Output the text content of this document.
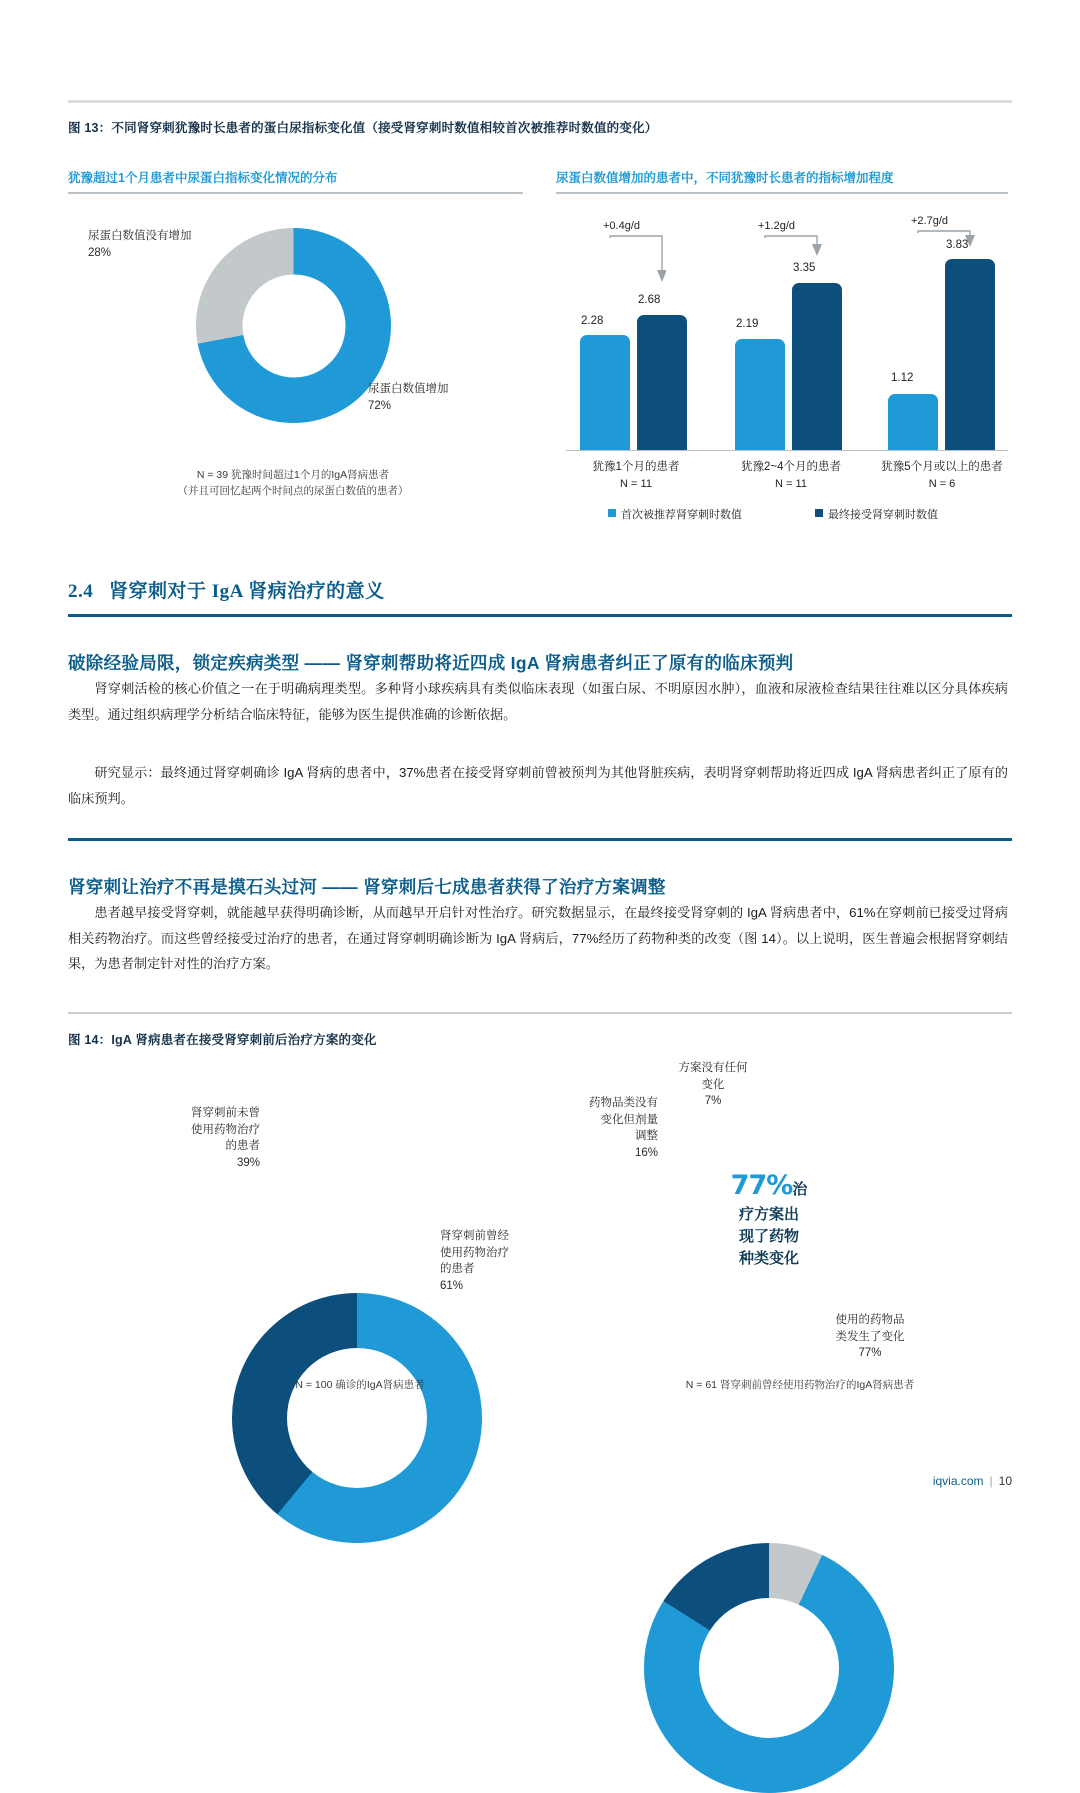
图 13：不同肾穿刺犹豫时长患者的蛋白尿指标变化值（接受肾穿刺时数值相较首次被推荐时数值的变化）
犹豫超过1个月患者中尿蛋白指标变化情况的分布	尿蛋白数值增加的患者中，不同犹豫时长患者的指标增加程度
尿蛋白数值没有增加
28%
尿蛋白数值增加
72%
N = 39 犹豫时间超过1个月的IgA肾病患者
（并且可回忆起两个时间点的尿蛋白数值的患者）
2.28
2.68
+0.4g/d
犹豫1个月的患者
N = 11
2.19
3.35
+1.2g/d
犹豫2~4个月的患者
N = 11
1.12
3.83
+2.7g/d
犹豫5个月或以上的患者
N = 6
首次被推荐肾穿刺时数值	最终接受肾穿刺时数值
2.4 肾穿刺对于 IgA 肾病治疗的意义
破除经验局限，锁定疾病类型 —— 肾穿刺帮助将近四成 IgA 肾病患者纠正了原有的临床预判

肾穿刺活检的核心价值之一在于明确病理类型。多种肾小球疾病具有类似临床表现（如蛋白尿、不明原因水肿），血液和尿液检查结果往往难以区分具体疾病类型。通过组织病理学分析结合临床特征，能够为医生提供准确的诊断依据。

研究显示：最终通过肾穿刺确诊 IgA 肾病的患者中，37%患者在接受肾穿刺前曾被预判为其他肾脏疾病，表明肾穿刺帮助将近四成 IgA 肾病患者纠正了原有的临床预判。

肾穿刺让治疗不再是摸石头过河 —— 肾穿刺后七成患者获得了治疗方案调整

患者越早接受肾穿刺，就能越早获得明确诊断，从而越早开启针对性治疗。研究数据显示，在最终接受肾穿刺的 IgA 肾病患者中，61%在穿刺前已接受过肾病相关药物治疗。而这些曾经接受过治疗的患者，在通过肾穿刺明确诊断为 IgA 肾病后，77%经历了药物种类的改变（图 14）。以上说明，医生普遍会根据肾穿刺结果，为患者制定针对性的治疗方案。

图 14：IgA 肾病患者在接受肾穿刺前后治疗方案的变化
肾穿刺前未曾
使用药物治疗
的患者
39%
肾穿刺前曾经
使用药物治疗
的患者
61%
N = 100 确诊的IgA肾病患者
77%治
疗方案出
现了药物
种类变化
方案没有任何
变化
7%
药物品类没有
变化但剂量
调整
16%
使用的药物品
类发生了变化
77%
N = 61 肾穿刺前曾经使用药物治疗的IgA肾病患者
iqvia.com | 10
